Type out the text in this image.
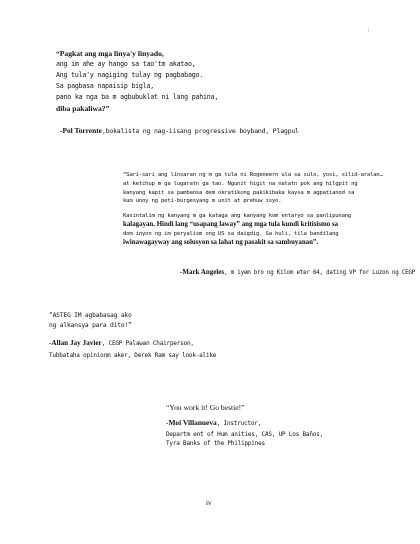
i
“Pagkat ang mga linya'y linyado,
ang im ahe ay hango sa tao'tm akatao,
Ang tula'y nagiging tulay ng pagbabago.
Sa pagbasa napaisip bigla,
pano ka nga ba m agbubuklat ni lang pahina,
diba pakaliwa?”
-Pol Torrente,bokalista ng nag-iisang progressive boyband, Plagpul
“Sari-sari ang linsaran ng m ga tula ni Rogeneern ula sa sulo, yosi, silid-aralan…
at ketchup m ga lugaratn ga tao. Ngunit higit na natatn pok ang hilgpit ng
kanyang kapit sa pambansa dem okratikong pakikibaka kaysa m agpatianod sa
kum unoy ng peti-burgesyang m unit at prehuw isyo.
Kasintalim ng kanyang m ga kataga ang kanyang kom entaryo sa panlipunang
kalagayan. Hindi lang “usapang laway” ang mga tula kundi kritisismo sa
dom inyon ng im peryalism ong US sa daigdig. Sa huli, tila bandilang
iwinawagayway ang solusyon sa lahat ng pasakit sa sambuyanan”.
-Mark Angeles, m iyem bro ng Kilom eter 64, dating VP for Luzon ng CEGP
“ASTEG IM agbabasag ako
ng alkansya para dito!”
-Allan Jay Javier, CEGP Palawan Chairperson,
Tubbataha opinionm aker, Derek Ram say look-alike
“You work it! Go bestie!”
-Moi Villanueva, Instructor,
Departm ent of Hum anities, CAS, UP Los Baños,
Tyra Banks of the Philippines
iv
